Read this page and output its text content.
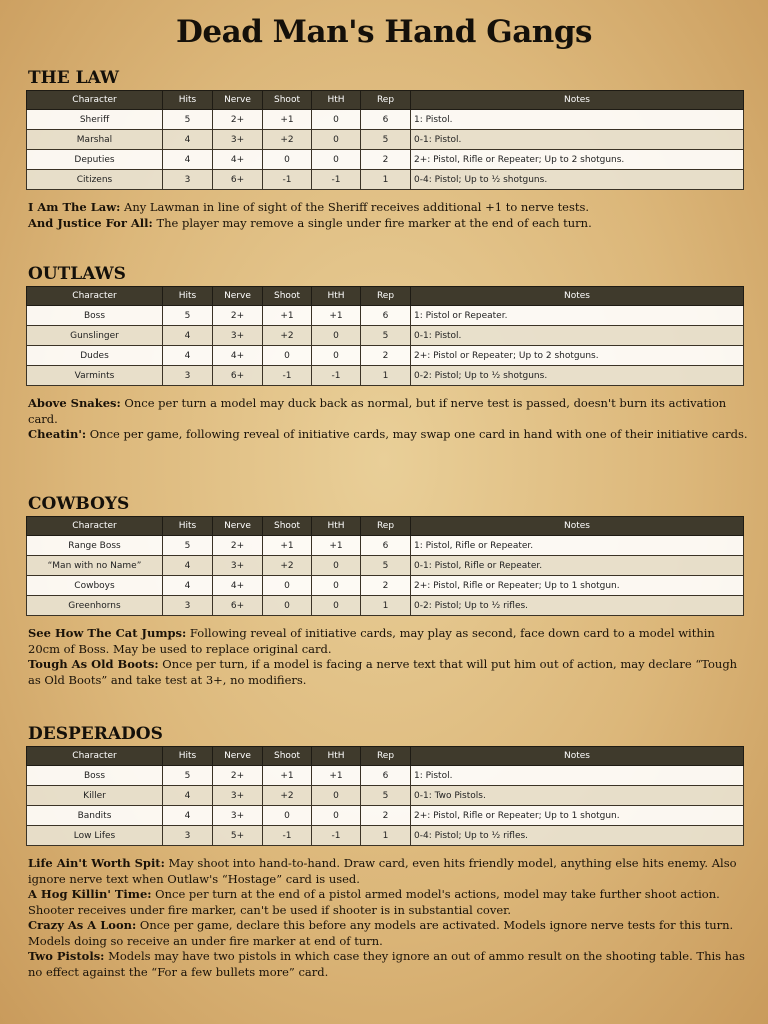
Dead Man's Hand Gangs
THE LAW
Character	Hits	Nerve	Shoot	HtH	Rep	Notes
Sheriff	5	2+	+1	0	6	1: Pistol.
Marshal	4	3+	+2	0	5	0-1: Pistol.
Deputies	4	4+	0	0	2	2+: Pistol, Rifle or Repeater; Up to 2 shotguns.
Citizens	3	6+	-1	-1	1	0-4: Pistol; Up to ½ shotguns.
I Am The Law: Any Lawman in line of sight of the Sheriff receives additional +1 to nerve tests.
And Justice For All: The player may remove a single under fire marker at the end of each turn.
OUTLAWS
Character	Hits	Nerve	Shoot	HtH	Rep	Notes
Boss	5	2+	+1	+1	6	1: Pistol or Repeater.
Gunslinger	4	3+	+2	0	5	0-1: Pistol.
Dudes	4	4+	0	0	2	2+: Pistol or Repeater; Up to 2 shotguns.
Varmints	3	6+	-1	-1	1	0-2: Pistol; Up to ½ shotguns.
Above Snakes: Once per turn a model may duck back as normal, but if nerve test is passed, doesn't burn its activation card.
Cheatin': Once per game, following reveal of initiative cards, may swap one card in hand with one of their initiative cards.
COWBOYS
Character	Hits	Nerve	Shoot	HtH	Rep	Notes
Range Boss	5	2+	+1	+1	6	1: Pistol, Rifle or Repeater.
“Man with no Name”	4	3+	+2	0	5	0-1: Pistol, Rifle or Repeater.
Cowboys	4	4+	0	0	2	2+: Pistol, Rifle or Repeater; Up to 1 shotgun.
Greenhorns	3	6+	0	0	1	0-2: Pistol; Up to ½ rifles.
See How The Cat Jumps: Following reveal of initiative cards, may play as second, face down card to a model within 20cm of Boss. May be used to replace original card.
Tough As Old Boots: Once per turn, if a model is facing a nerve text that will put him out of action, may declare “Tough as Old Boots” and take test at 3+, no modifiers.
DESPERADOS
Character	Hits	Nerve	Shoot	HtH	Rep	Notes
Boss	5	2+	+1	+1	6	1: Pistol.
Killer	4	3+	+2	0	5	0-1: Two Pistols.
Bandits	4	3+	0	0	2	2+: Pistol, Rifle or Repeater; Up to 1 shotgun.
Low Lifes	3	5+	-1	-1	1	0-4: Pistol; Up to ½ rifles.
Life Ain't Worth Spit: May shoot into hand-to-hand. Draw card, even hits friendly model, anything else hits enemy. Also ignore nerve text when Outlaw's “Hostage” card is used.
A Hog Killin' Time: Once per turn at the end of a pistol armed model's actions, model may take further shoot action. Shooter receives under fire marker, can't be used if shooter is in substantial cover.
Crazy As A Loon: Once per game, declare this before any models are activated. Models ignore nerve tests for this turn. Models doing so receive an under fire marker at end of turn.
Two Pistols: Models may have two pistols in which case they ignore an out of ammo result on the shooting table. This has no effect against the “For a few bullets more” card.
